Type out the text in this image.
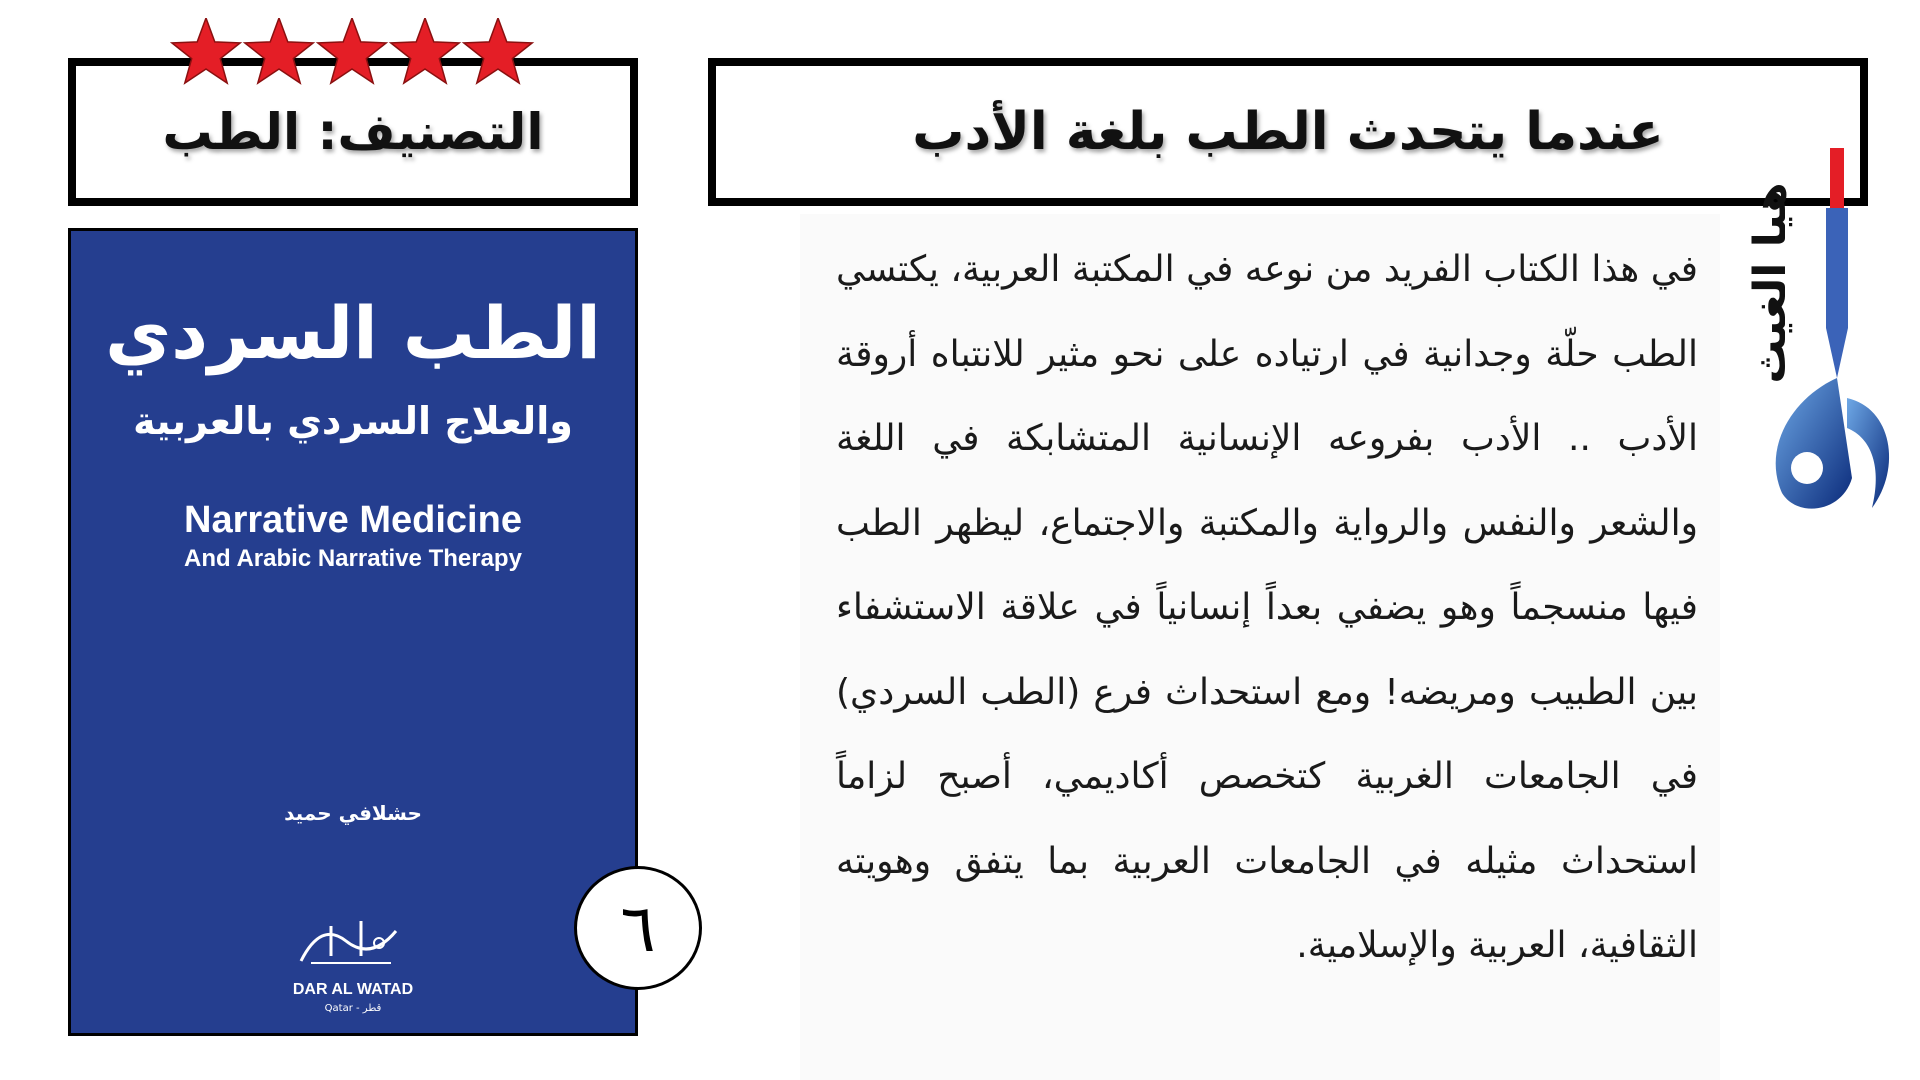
التصنيف: الطب	عندما يتحدث الطب بلغة الأدب
الطب السردي
والعلاج السردي بالعربية
Narrative Medicine
And Arabic Narrative Therapy
حشلافي حميد
DAR AL WATAD
Qatar - قطر
٦
في هذا الكتاب الفريد من نوعه في المكتبة العربية، يكتسي الطب حلّة وجدانية في ارتياده على نحو مثير للانتباه أروقة الأدب .. الأدب بفروعه الإنسانية المتشابكة في اللغة والشعر والنفس والرواية والمكتبة والاجتماع، ليظهر الطب فيها منسجماً وهو يضفي بعداً إنسانياً في علاقة الاستشفاء بين الطبيب ومريضه! ومع استحداث فرع (الطب السردي) في الجامعات الغربية كتخصص أكاديمي، أصبح لزاماً استحداث مثيله في الجامعات العربية بما يتفق وهويته الثقافية، العربية والإسلامية.
هيا الغيث
